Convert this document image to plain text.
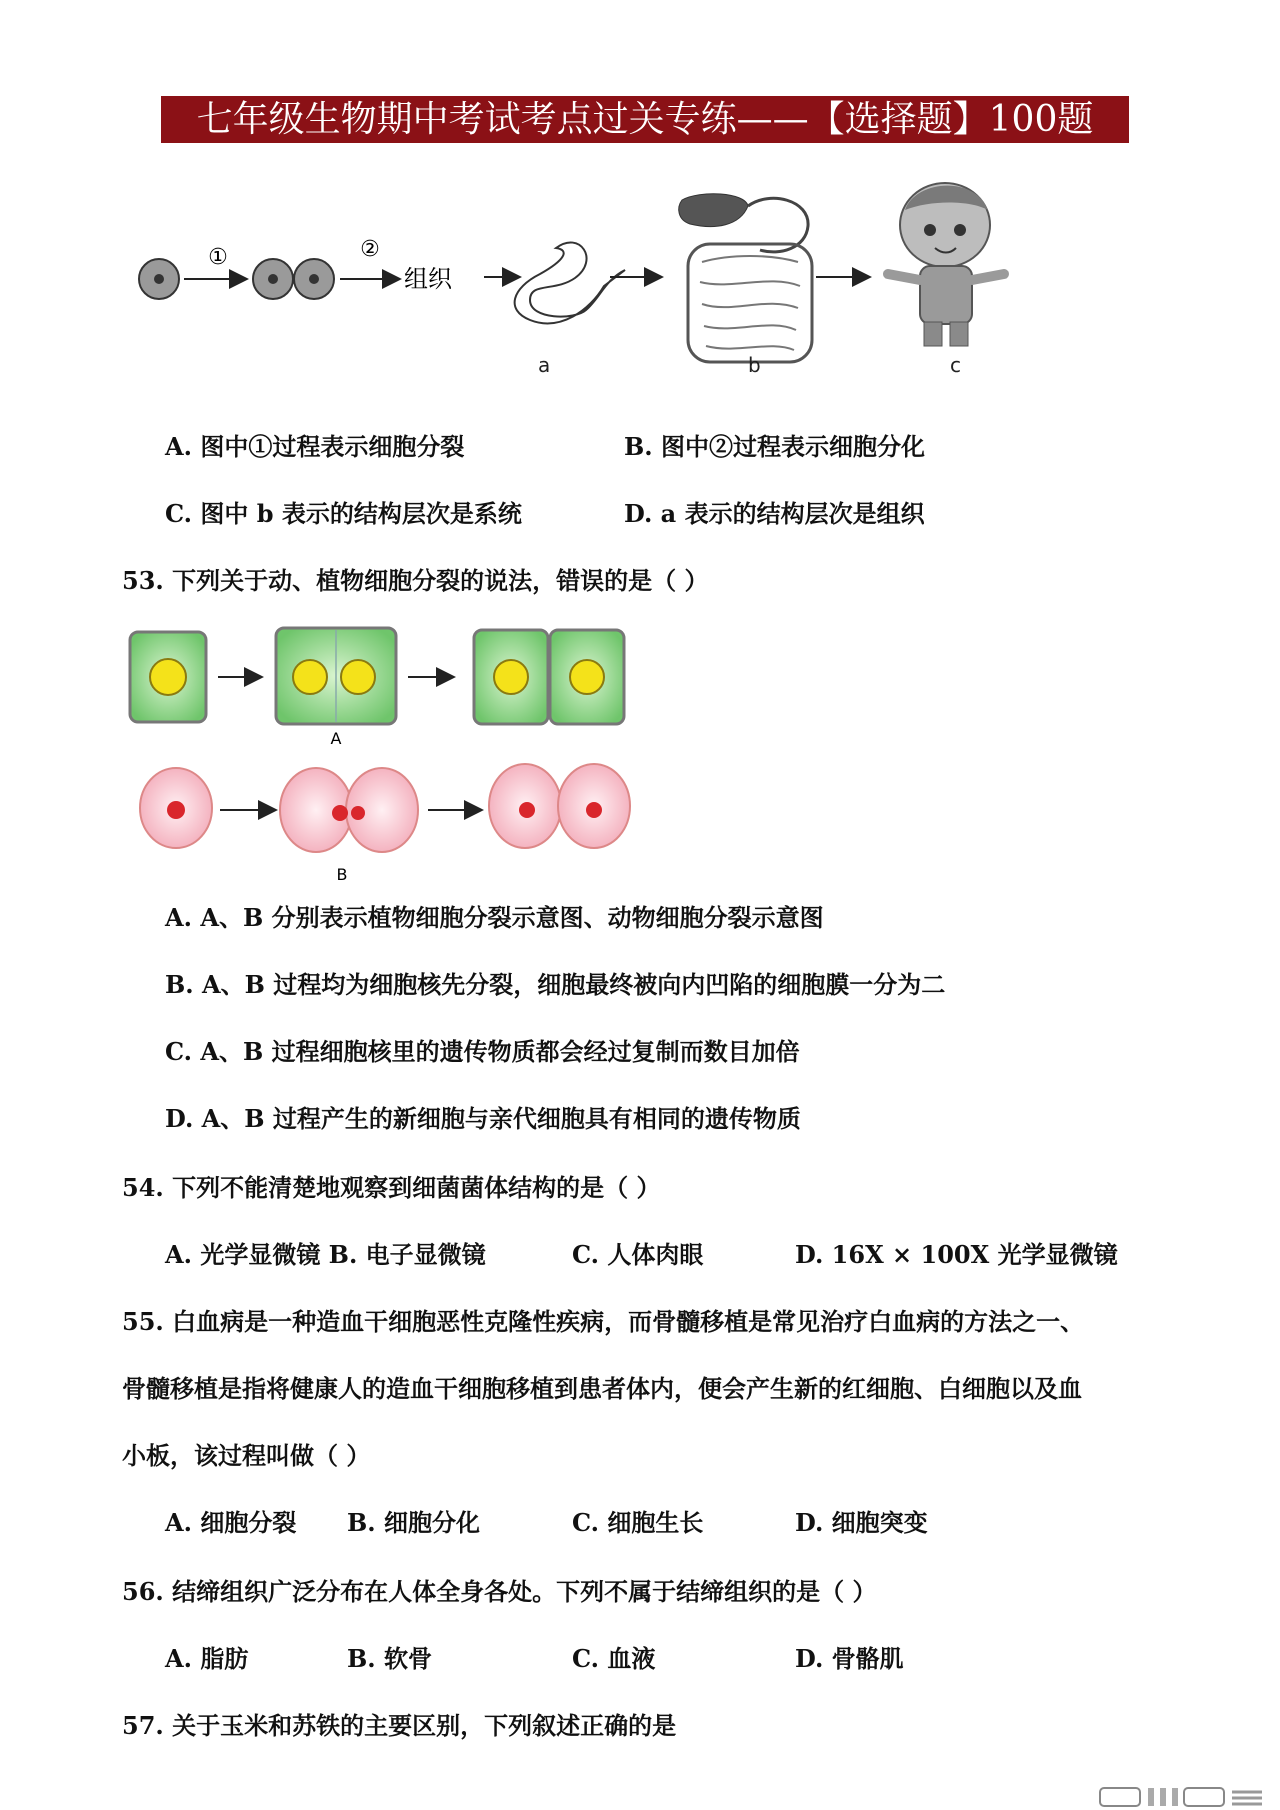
七年级生物期中考试考点过关专练——【选择题】100题
①	②
组织
a	b	c
A. 图中①过程表示细胞分裂	B. 图中②过程表示细胞分化
C. 图中 b 表示的结构层次是系统	D. a 表示的结构层次是组织
53. 下列关于动、植物细胞分裂的说法，错误的是（ ）
A
B
A. A、B 分别表示植物细胞分裂示意图、动物细胞分裂示意图
B. A、B 过程均为细胞核先分裂，细胞最终被向内凹陷的细胞膜一分为二
C. A、B 过程细胞核里的遗传物质都会经过复制而数目加倍
D. A、B 过程产生的新细胞与亲代细胞具有相同的遗传物质
54. 下列不能清楚地观察到细菌菌体结构的是（ ）
A. 光学显微镜 B. 电子显微镜	C. 人体肉眼	D. 16X × 100X 光学显微镜
55. 白血病是一种造血干细胞恶性克隆性疾病，而骨髓移植是常见治疗白血病的方法之一、
骨髓移植是指将健康人的造血干细胞移植到患者体内，便会产生新的红细胞、白细胞以及血
小板，该过程叫做（ ）
A. 细胞分裂 B. 细胞分化	C. 细胞生长	D. 细胞突变
56. 结缔组织广泛分布在人体全身各处。下列不属于结缔组织的是（ ）
A. 脂肪	B. 软骨	C. 血液	D. 骨骼肌
57. 关于玉米和苏铁的主要区别，下列叙述正确的是
